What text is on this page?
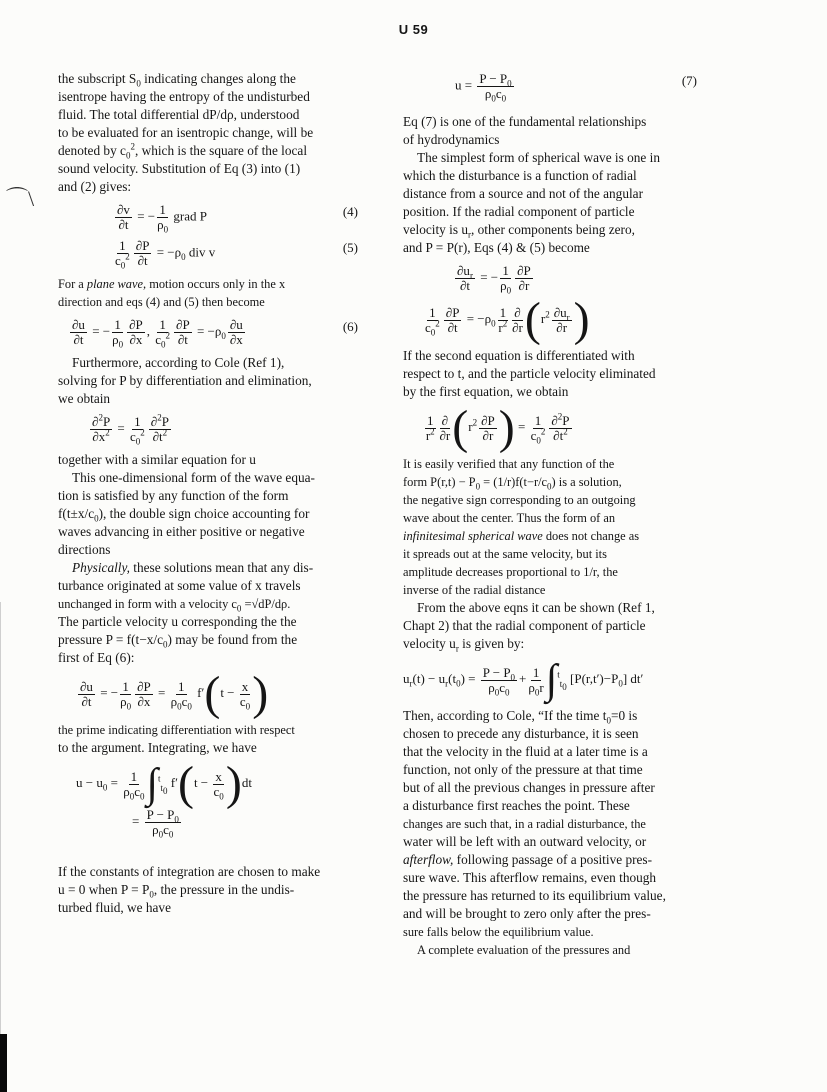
U 59
⌒\

the subscript $S_0$ indicating changes along the
isentrope having the entropy of the undisturbed
fluid. The total differential dP/dρ, understood
to be evaluated for an isentropic change, will be
denoted by $c_0^2$, which is the square of the local
sound velocity. Substitution of Eq (3) into (1)
and (2) gives:

$\frac{\partial v}{\partial t}$ = − $\frac{1}{\rho_0}$ grad P	(4)
$\frac{1}{c_0^2} \frac{\partial P}{\partial t} = -\rho_0$ div v	(5)

For a plane wave, motion occurs only in the x
direction and eqs (4) and (5) then become

$\frac{\partial u}{\partial t}$ = − $\frac{1}{\rho_0} \frac{\partial P}{\partial x}$ , $\frac{1}{c_0^2} \frac{\partial P}{\partial t} = -\rho_0 \frac{\partial u}{\partial x}$	(6)

Furthermore, according to Cole (Ref 1),
solving for P by differentiation and elimination,
we obtain

$\frac{\partial^2P}{\partial x^2} = \frac{1}{c_0^2} \frac{\partial^2P}{\partial t^2}$

together with a similar equation for u
This one-dimensional form of the wave equa-
tion is satisfied by any function of the form
$f(t\pm x/c_0)$, the double sign choice accounting for
waves advancing in either positive or negative
directions

Physically, these solutions mean that any dis-
turbance originated at some value of x travels
unchanged in form with a velocity $c_0 =√dP/d\rho$.
The particle velocity u corresponding the the
pressure $P = f(t-x/c_0)$ may be found from the
first of Eq (6):

$\frac{\partial u}{\partial t}$ = − $\frac{1}{\rho_0} \frac{\partial P}{\partial x} = \frac{1}{\rho_0c_0} f'(t - \frac{x}{c_0}$ )

the prime indicating differentiation with respect
to the argument. Integrating, we have

$u - u_0 = \frac{1}{\rho_0c_0} \int^t_{t_0}$ $f'(t - \frac{x}{c_0} )dt$
= $\frac{P - P_0}{\rho_0c_0}$

If the constants of integration are chosen to make
u = 0 when $P = P_0$, the pressure in the undis-
turbed fluid, we have

$u = \frac{P - P_0}{\rho_0c_0}$	(7)

Eq (7) is one of the fundamental relationships
of hydrodynamics

The simplest form of spherical wave is one in
which the disturbance is a function of radial
distance from a source and not of the angular
position. If the radial component of particle
velocity is $u_r$, other components being zero,
and P = P(r), Eqs (4) & (5) become

$\frac{\partial u_r}{\partial t}$ = − $\frac{1}{\rho_0} \frac{\partial P}{\partial r}$
$\frac{1}{c_0^2} \frac{\partial P}{\partial t} = -\rho_0 \frac{1}{r^2}$ ∂
∂r ($r^2 \frac{\partial u_r}{\partial r}$ )

If the second equation is differentiated with
respect to t, and the particle velocity eliminated
by the first equation, we obtain

$\frac{1}{r^2}$ ∂
∂r ($r^2 \frac{\partial P}{\partial r}$ ) = $\frac{1}{c_0^2} \frac{\partial^2P}{\partial t^2}$

It is easily verified that any function of the
form $P(r,t) - P_0 = (1/r)f(t-r/c_0)$ is a solution,
the negative sign corresponding to an outgoing
wave about the center. Thus the form of an
infinitesimal spherical wave does not change as
it spreads out at the same velocity, but its
amplitude decreases proportional to 1/r, the
inverse of the radial distance

From the above eqns it can be shown (Ref 1,
Chapt 2) that the radial component of particle
velocity $u_r$ is given by:

$u_r(t) - u_r(t_0) = \frac{P - P_0}{\rho_0c_0} + \frac{1}{\rho_0r} \int^t_{t_0}$ $[P(r,t')-P_0]$ dt′

Then, according to Cole, “If the time $t_0=0$ is
chosen to precede any disturbance, it is seen
that the velocity in the fluid at a later time is a
function, not only of the pressure at that time
but of all the previous changes in pressure after
a disturbance first reaches the point. These
changes are such that, in a radial disturbance, the
water will be left with an outward velocity, or
afterflow, following passage of a positive pres-
sure wave. This afterflow remains, even though
the pressure has returned to its equilibrium value,
and will be brought to zero only after the pres-
sure falls below the equilibrium value.

A complete evaluation of the pressures and
